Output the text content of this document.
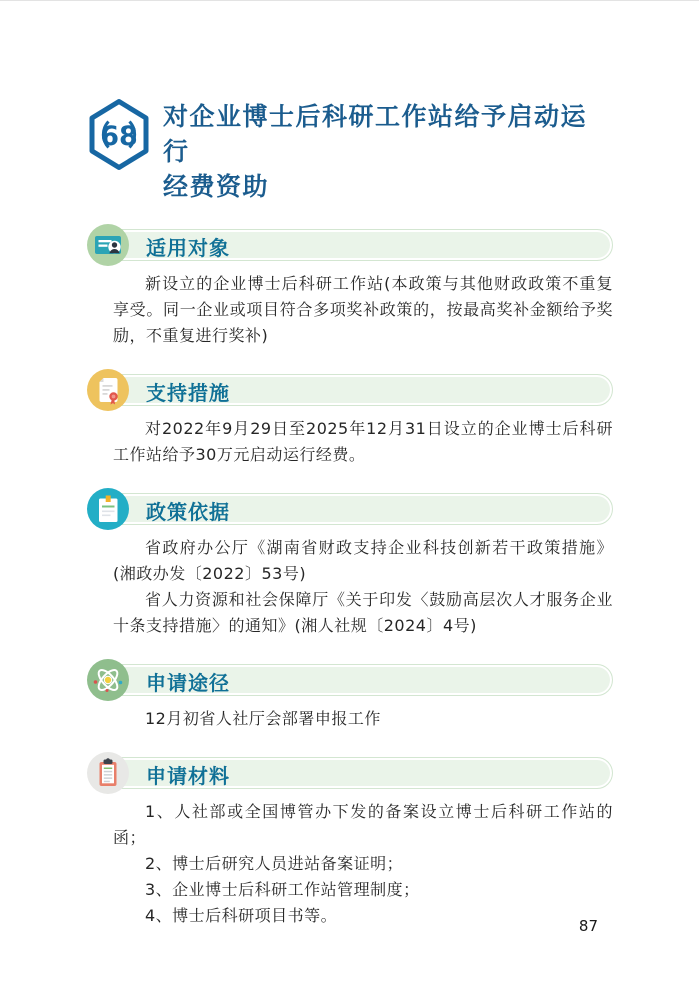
68
对企业博士后科研工作站给予启动运行
经费资助
适用对象

新设立的企业博士后科研工作站(本政策与其他财政政策不重复享受。同一企业或项目符合多项奖补政策的，按最高奖补金额给予奖励，不重复进行奖补)

支持措施

对2022年9月29日至2025年12月31日设立的企业博士后科研工作站给予30万元启动运行经费。

政策依据

省政府办公厅《湖南省财政支持企业科技创新若干政策措施》(湘政办发〔2022〕53号)

省人力资源和社会保障厅《关于印发〈鼓励高层次人才服务企业十条支持措施〉的通知》(湘人社规〔2024〕4号)

申请途径

12月初省人社厅会部署申报工作

申请材料

1、人社部或全国博管办下发的备案设立博士后科研工作站的函；

2、博士后研究人员进站备案证明；

3、企业博士后科研工作站管理制度；

4、博士后科研项目书等。

87
